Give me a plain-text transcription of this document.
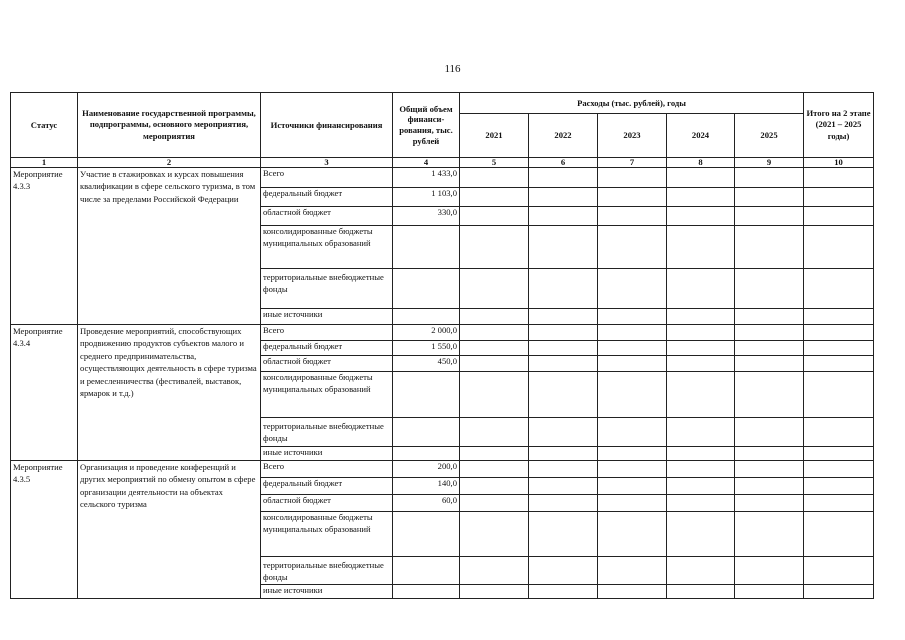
116
Статус	Наименование государственной программы, подпрограммы, основного мероприятия, мероприятия	Источники финансирования	Общий объем финанси-рования, тыс. рублей	Расходы (тыс. рублей), годы					Итого на 2 этапе (2021 – 2025 годы)
				2021	2022	2023	2024	2025	
1	2	3	4	5	6	7	8	9	10
Мероприятие 4.3.3	Участие в стажировках и курсах повышения квалификации в сфере сельского туризма, в том числе за пределами Российской Федерации	Всего	1 433,0						
		федеральный бюджет	1 103,0						
		областной бюджет	330,0						
		консолидированные бюджеты муниципальных образований							
		территориальные внебюджетные фонды							
		иные источники							
Мероприятие 4.3.4	Проведение мероприятий, способствующих продвижению продуктов субъектов малого и среднего предпринимательства, осуществляющих деятельность в сфере туризма и ремесленничества (фестивалей, выставок, ярмарок и т.д.)	Всего	2 000,0						
		федеральный бюджет	1 550,0						
		областной бюджет	450,0						
		консолидированные бюджеты муниципальных образований							
		территориальные внебюджетные фонды							
		иные источники							
Мероприятие 4.3.5	Организация и проведение конференций и других мероприятий по обмену опытом в сфере организации деятельности на объектах сельского туризма	Всего	200,0						
		федеральный бюджет	140,0						
		областной бюджет	60,0						
		консолидированные бюджеты муниципальных образований							
		территориальные внебюджетные фонды							
		иные источники							
